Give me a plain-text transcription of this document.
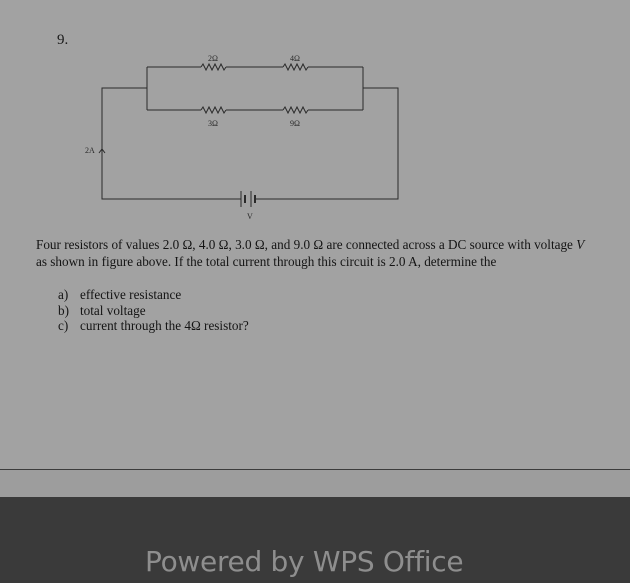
9.
2Ω	4Ω
3Ω	9Ω
2A
V
Four resistors of values 2.0 Ω, 4.0 Ω, 3.0 Ω, and 9.0 Ω are connected across a DC source with voltage V as shown in figure above. If the total current through this circuit is 2.0 A, determine the
a) effective resistance
b) total voltage
c) current through the 4Ω resistor?
Powered by WPS Office
